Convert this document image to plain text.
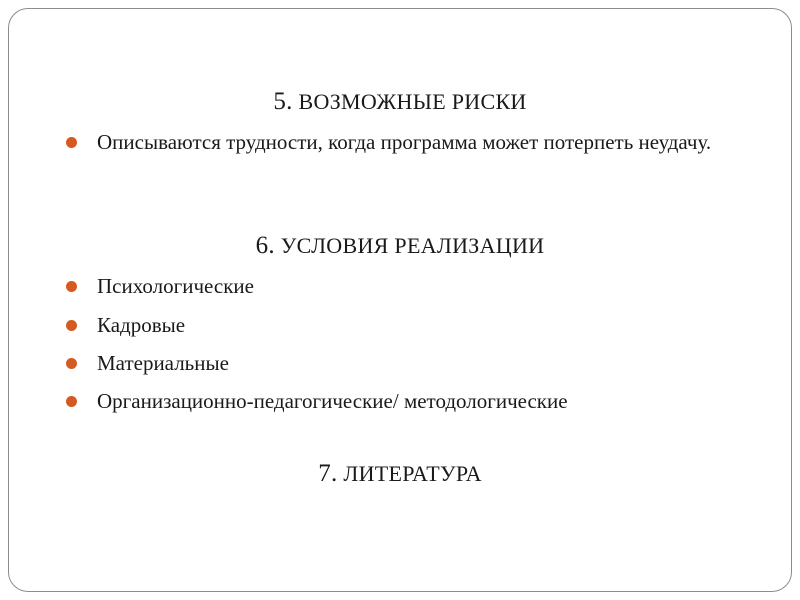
5. ВОЗМОЖНЫЕ РИСКИ
Описываются трудности, когда программа может потерпеть неудачу.
6. УСЛОВИЯ РЕАЛИЗАЦИИ
Психологические
Кадровые
Материальные
Организационно-педагогические/ методологические
7. ЛИТЕРАТУРА
